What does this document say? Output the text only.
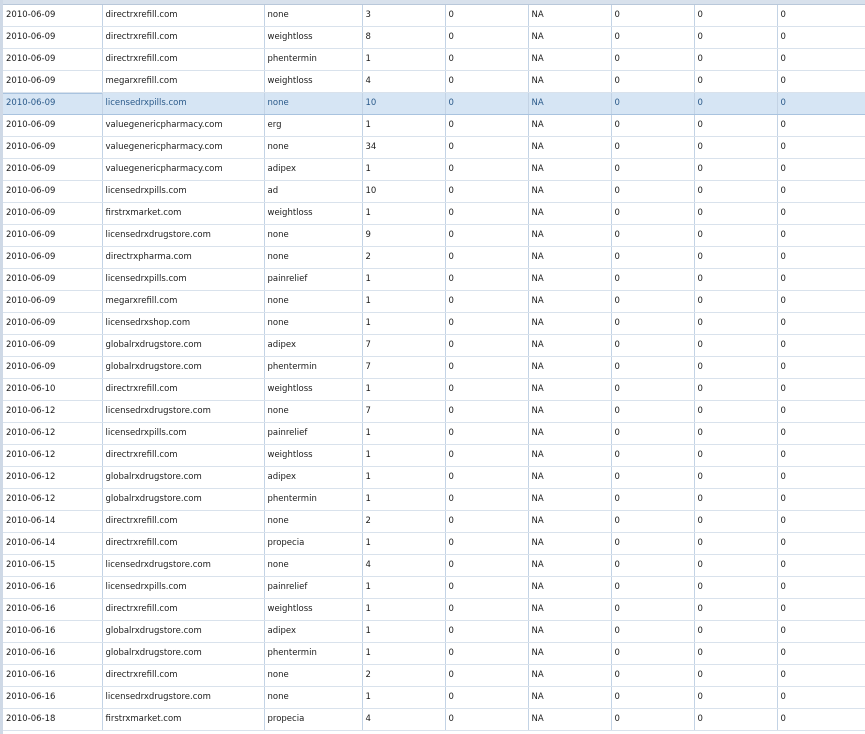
2010-06-09	directrxrefill.com	none	3	0	NA	0	0	0
2010-06-09	directrxrefill.com	weightloss	8	0	NA	0	0	0
2010-06-09	directrxrefill.com	phentermin	1	0	NA	0	0	0
2010-06-09	megarxrefill.com	weightloss	4	0	NA	0	0	0
2010-06-09	licensedrxpills.com	none	10	0	NA	0	0	0
2010-06-09	valuegenericpharmacy.com	erg	1	0	NA	0	0	0
2010-06-09	valuegenericpharmacy.com	none	34	0	NA	0	0	0
2010-06-09	valuegenericpharmacy.com	adipex	1	0	NA	0	0	0
2010-06-09	licensedrxpills.com	ad	10	0	NA	0	0	0
2010-06-09	firstrxmarket.com	weightloss	1	0	NA	0	0	0
2010-06-09	licensedrxdrugstore.com	none	9	0	NA	0	0	0
2010-06-09	directrxpharma.com	none	2	0	NA	0	0	0
2010-06-09	licensedrxpills.com	painrelief	1	0	NA	0	0	0
2010-06-09	megarxrefill.com	none	1	0	NA	0	0	0
2010-06-09	licensedrxshop.com	none	1	0	NA	0	0	0
2010-06-09	globalrxdrugstore.com	adipex	7	0	NA	0	0	0
2010-06-09	globalrxdrugstore.com	phentermin	7	0	NA	0	0	0
2010-06-10	directrxrefill.com	weightloss	1	0	NA	0	0	0
2010-06-12	licensedrxdrugstore.com	none	7	0	NA	0	0	0
2010-06-12	licensedrxpills.com	painrelief	1	0	NA	0	0	0
2010-06-12	directrxrefill.com	weightloss	1	0	NA	0	0	0
2010-06-12	globalrxdrugstore.com	adipex	1	0	NA	0	0	0
2010-06-12	globalrxdrugstore.com	phentermin	1	0	NA	0	0	0
2010-06-14	directrxrefill.com	none	2	0	NA	0	0	0
2010-06-14	directrxrefill.com	propecia	1	0	NA	0	0	0
2010-06-15	licensedrxdrugstore.com	none	4	0	NA	0	0	0
2010-06-16	licensedrxpills.com	painrelief	1	0	NA	0	0	0
2010-06-16	directrxrefill.com	weightloss	1	0	NA	0	0	0
2010-06-16	globalrxdrugstore.com	adipex	1	0	NA	0	0	0
2010-06-16	globalrxdrugstore.com	phentermin	1	0	NA	0	0	0
2010-06-16	directrxrefill.com	none	2	0	NA	0	0	0
2010-06-16	licensedrxdrugstore.com	none	1	0	NA	0	0	0
2010-06-18	firstrxmarket.com	propecia	4	0	NA	0	0	0
